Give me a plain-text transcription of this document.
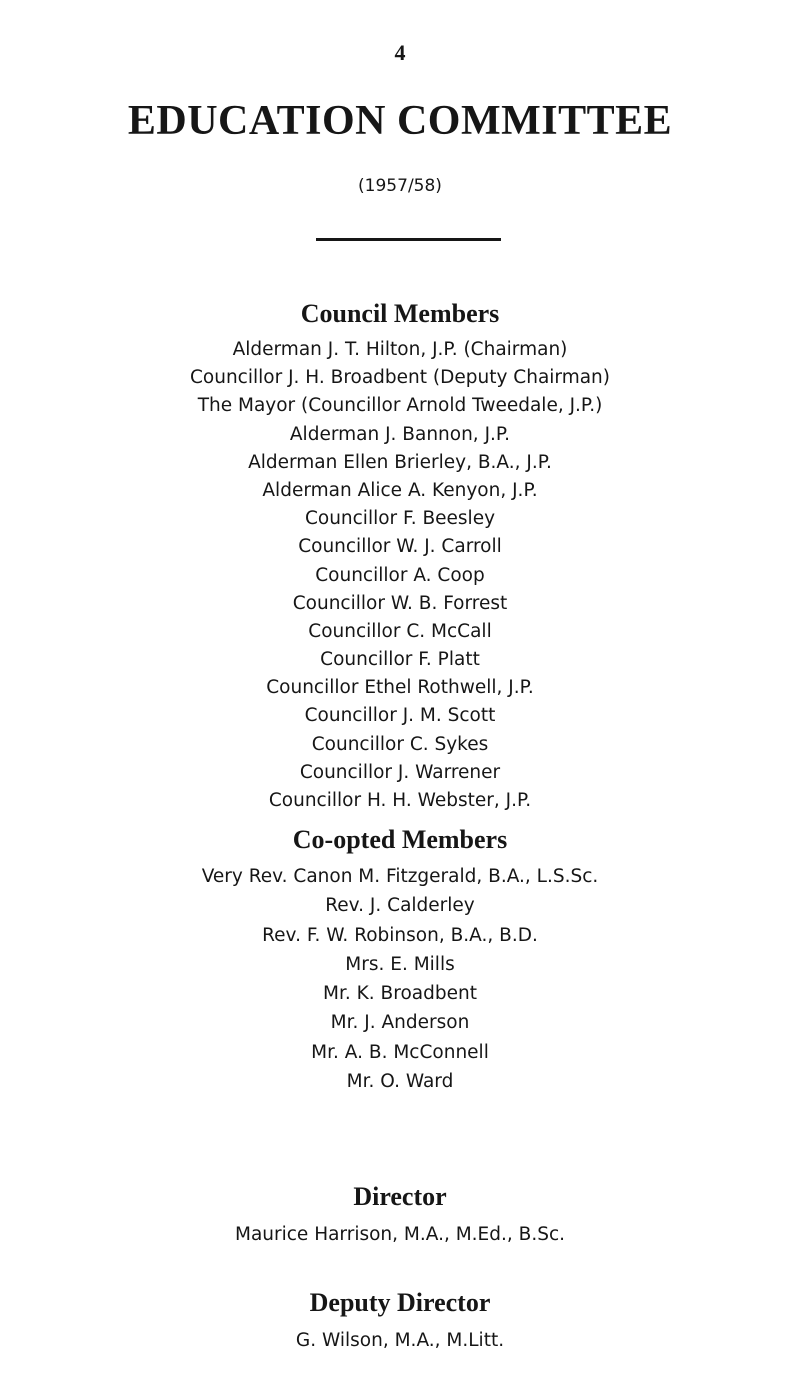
4
EDUCATION COMMITTEE
(1957/58)
Council Members
Alderman J. T. Hilton, J.P. (Chairman)
Councillor J. H. Broadbent (Deputy Chairman)
The Mayor (Councillor Arnold Tweedale, J.P.)
Alderman J. Bannon, J.P.
Alderman Ellen Brierley, B.A., J.P.
Alderman Alice A. Kenyon, J.P.
Councillor F. Beesley
Councillor W. J. Carroll
Councillor A. Coop
Councillor W. B. Forrest
Councillor C. McCall
Councillor F. Platt
Councillor Ethel Rothwell, J.P.
Councillor J. M. Scott
Councillor C. Sykes
Councillor J. Warrener
Councillor H. H. Webster, J.P.
Co-opted Members
Very Rev. Canon M. Fitzgerald, B.A., L.S.Sc.
Rev. J. Calderley
Rev. F. W. Robinson, B.A., B.D.
Mrs. E. Mills
Mr. K. Broadbent
Mr. J. Anderson
Mr. A. B. McConnell
Mr. O. Ward
Director
Maurice Harrison, M.A., M.Ed., B.Sc.
Deputy Director
G. Wilson, M.A., M.Litt.
